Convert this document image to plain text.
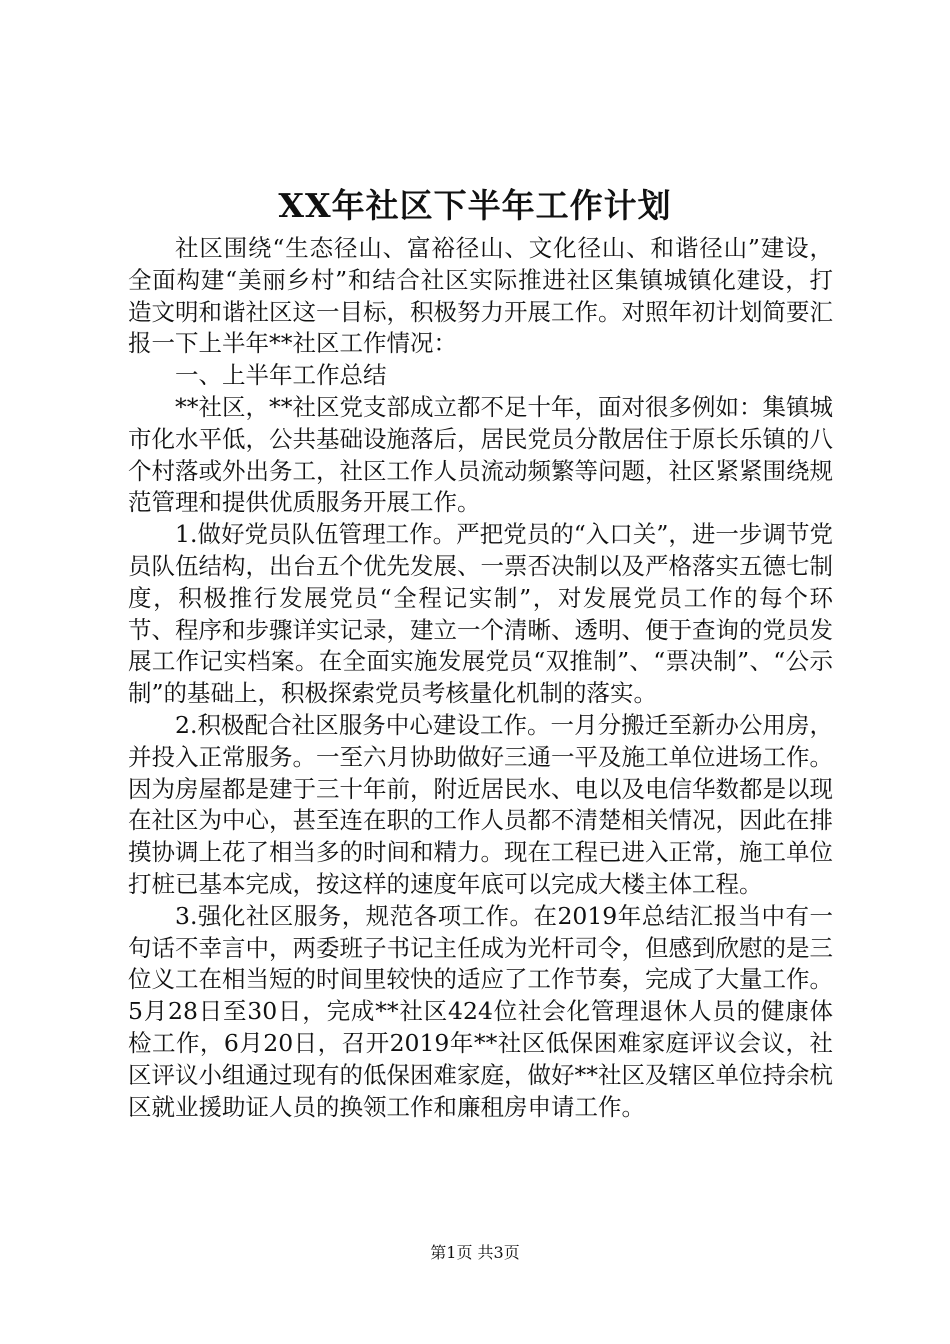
XX年社区下半年工作计划

社区围绕“生态径山、富裕径山、文化径山、和谐径山”建设，全面构建“美丽乡村”和结合社区实际推进社区集镇城镇化建设，打造文明和谐社区这一目标，积极努力开展工作。对照年初计划简要汇报一下上半年**社区工作情况：

一、上半年工作总结

**社区，**社区党支部成立都不足十年，面对很多例如：集镇城市化水平低，公共基础设施落后，居民党员分散居住于原长乐镇的八个村落或外出务工，社区工作人员流动频繁等问题，社区紧紧围绕规范管理和提供优质服务开展工作。

1.做好党员队伍管理工作。严把党员的“入口关”，进一步调节党员队伍结构，出台五个优先发展、一票否决制以及严格落实五德七制度，积极推行发展党员“全程记实制”，对发展党员工作的每个环节、程序和步骤详实记录，建立一个清晰、透明、便于查询的党员发展工作记实档案。在全面实施发展党员“双推制”、“票决制”、“公示制”的基础上，积极探索党员考核量化机制的落实。

2.积极配合社区服务中心建设工作。一月分搬迁至新办公用房，并投入正常服务。一至六月协助做好三通一平及施工单位进场工作。因为房屋都是建于三十年前，附近居民水、电以及电信华数都是以现在社区为中心，甚至连在职的工作人员都不清楚相关情况，因此在排摸协调上花了相当多的时间和精力。现在工程已进入正常，施工单位打桩已基本完成，按这样的速度年底可以完成大楼主体工程。

3.强化社区服务，规范各项工作。在2019年总结汇报当中有一句话不幸言中，两委班子书记主任成为光杆司令，但感到欣慰的是三位义工在相当短的时间里较快的适应了工作节奏，完成了大量工作。5月28日至30日，完成**社区424位社会化管理退休人员的健康体检工作，6月20日，召开2019年**社区低保困难家庭评议会议，社区评议小组通过现有的低保困难家庭，做好**社区及辖区单位持余杭区就业援助证人员的换领工作和廉租房申请工作。

第1页 共3页
